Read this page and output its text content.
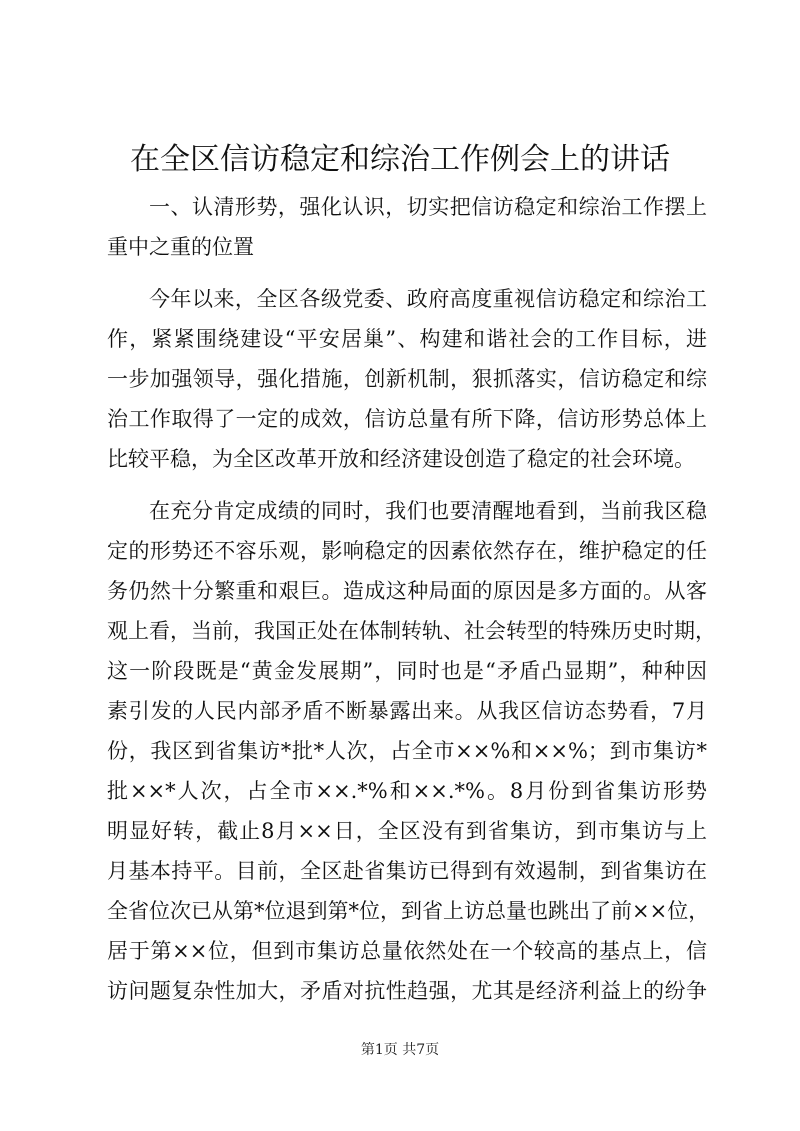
在全区信访稳定和综治工作例会上的讲话
一、认清形势，强化认识，切实把信访稳定和综治工作摆上
重中之重的位置
今年以来，全区各级党委、政府高度重视信访稳定和综治工
作，紧紧围绕建设“平安居巢”、构建和谐社会的工作目标，进
一步加强领导，强化措施，创新机制，狠抓落实，信访稳定和综
治工作取得了一定的成效，信访总量有所下降，信访形势总体上
比较平稳，为全区改革开放和经济建设创造了稳定的社会环境。
在充分肯定成绩的同时，我们也要清醒地看到，当前我区稳
定的形势还不容乐观，影响稳定的因素依然存在，维护稳定的任
务仍然十分繁重和艰巨。造成这种局面的原因是多方面的。从客
观上看，当前，我国正处在体制转轨、社会转型的特殊历史时期，
这一阶段既是“黄金发展期”，同时也是“矛盾凸显期”，种种因
素引发的人民内部矛盾不断暴露出来。从我区信访态势看，7月
份，我区到省集访*批*人次，占全市××%和××%；到市集访*
批××*人次，占全市××.*%和××.*%。8月份到省集访形势
明显好转，截止8月××日，全区没有到省集访，到市集访与上
月基本持平。目前，全区赴省集访已得到有效遏制，到省集访在
全省位次已从第*位退到第*位，到省上访总量也跳出了前××位，
居于第××位，但到市集访总量依然处在一个较高的基点上，信
访问题复杂性加大，矛盾对抗性趋强，尤其是经济利益上的纷争
第1页 共7页
